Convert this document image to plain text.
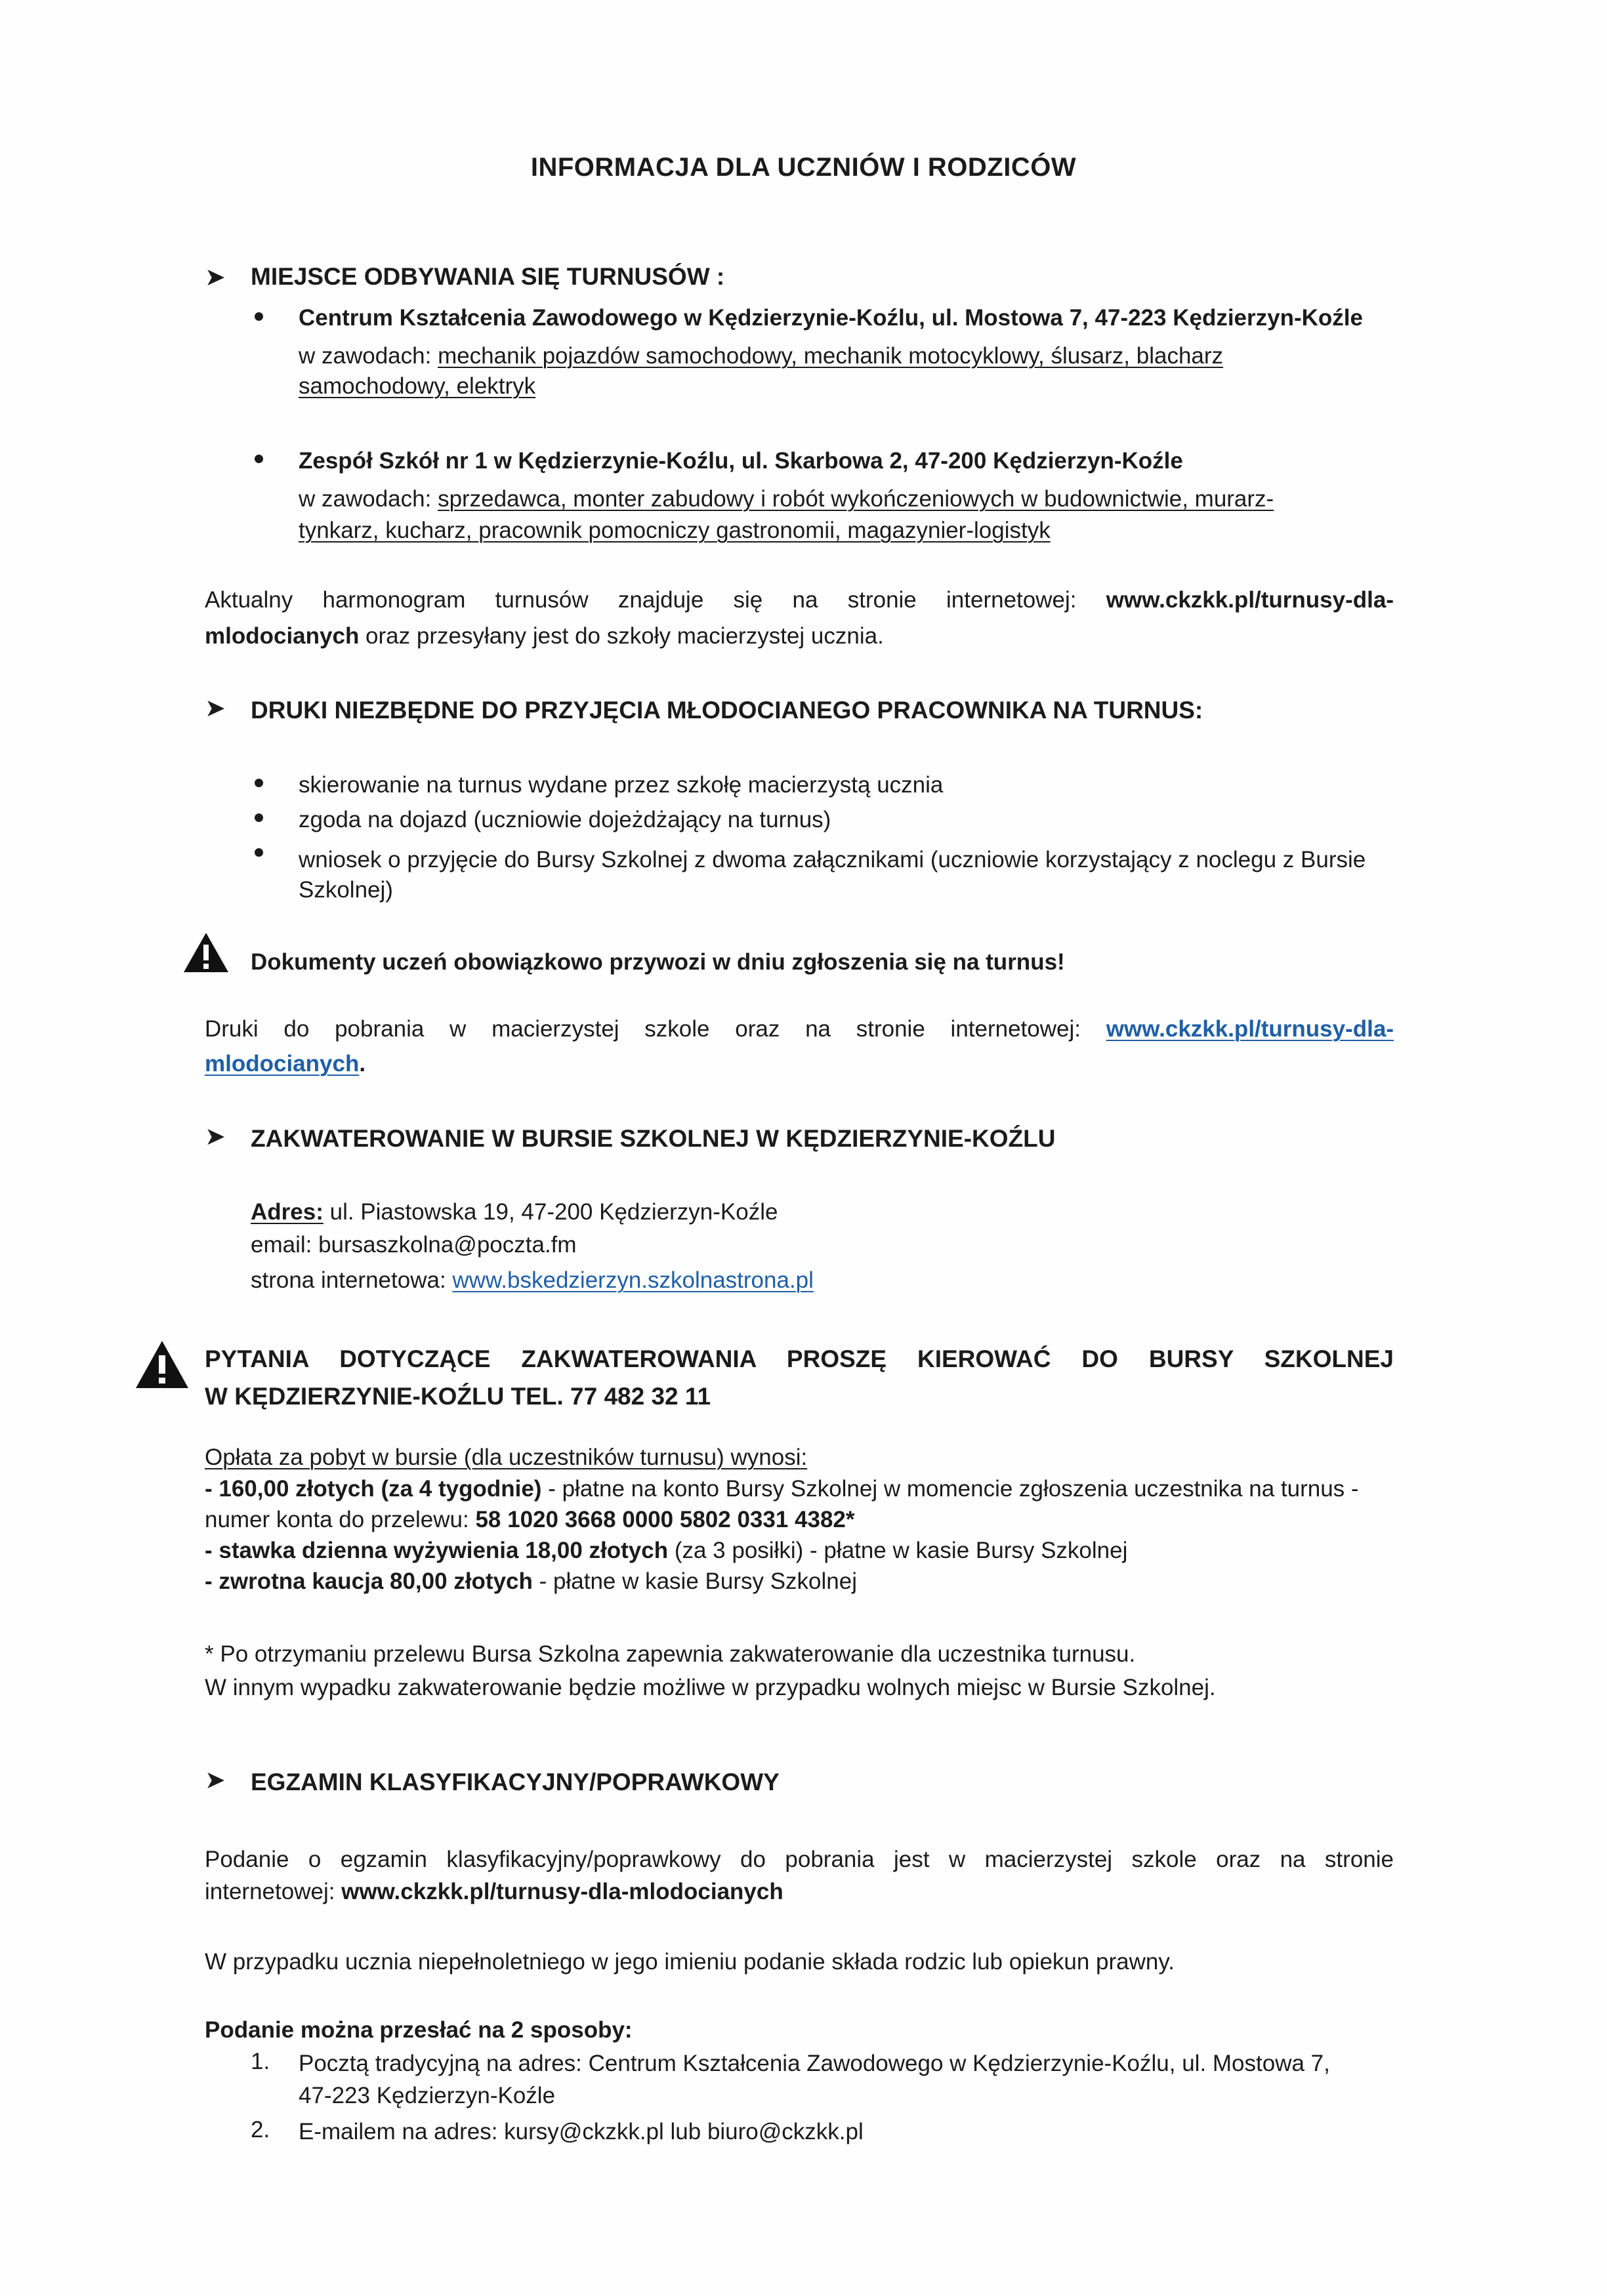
INFORMACJA DLA UCZNIÓW I RODZICÓW
➤ MIEJSCE ODBYWANIA SIĘ TURNUSÓW :
Centrum Kształcenia Zawodowego w Kędzierzynie-Koźlu, ul. Mostowa 7, 47-223 Kędzierzyn-Koźle
w zawodach: mechanik pojazdów samochodowy, mechanik motocyklowy, ślusarz, blacharz
samochodowy, elektryk
Zespół Szkół nr 1 w Kędzierzynie-Koźlu, ul. Skarbowa 2, 47-200 Kędzierzyn-Koźle
w zawodach: sprzedawca, monter zabudowy i robót wykończeniowych w budownictwie, murarz-
tynkarz, kucharz, pracownik pomocniczy gastronomii, magazynier-logistyk
Aktualny harmonogram turnusów znajduje się na stronie internetowej: www.ckzkk.pl/turnusy-dla-
mlodocianych oraz przesyłany jest do szkoły macierzystej ucznia.
➤ DRUKI NIEZBĘDNE DO PRZYJĘCIA MŁODOCIANEGO PRACOWNIKA NA TURNUS:
skierowanie na turnus wydane przez szkołę macierzystą ucznia
zgoda na dojazd (uczniowie dojeżdżający na turnus)
wniosek o przyjęcie do Bursy Szkolnej z dwoma załącznikami (uczniowie korzystający z noclegu z Bursie
Szkolnej)
Dokumenty uczeń obowiązkowo przywozi w dniu zgłoszenia się na turnus!
Druki do pobrania w macierzystej szkole oraz na stronie internetowej: www.ckzkk.pl/turnusy-dla-
mlodocianych.
➤ ZAKWATEROWANIE W BURSIE SZKOLNEJ W KĘDZIERZYNIE-KOŹLU
Adres: ul. Piastowska 19, 47-200 Kędzierzyn-Koźle
email: bursaszkolna@poczta.fm
strona internetowa: www.bskedzierzyn.szkolnastrona.pl
PYTANIA DOTYCZĄCE ZAKWATEROWANIA PROSZĘ KIEROWAĆ DO BURSY SZKOLNEJ
W KĘDZIERZYNIE-KOŹLU TEL. 77 482 32 11
Opłata za pobyt w bursie (dla uczestników turnusu) wynosi:
- 160,00 złotych (za 4 tygodnie) - płatne na konto Bursy Szkolnej w momencie zgłoszenia uczestnika na turnus -
numer konta do przelewu: 58 1020 3668 0000 5802 0331 4382*
- stawka dzienna wyżywienia 18,00 złotych (za 3 posiłki) - płatne w kasie Bursy Szkolnej
- zwrotna kaucja 80,00 złotych - płatne w kasie Bursy Szkolnej
* Po otrzymaniu przelewu Bursa Szkolna zapewnia zakwaterowanie dla uczestnika turnusu.
W innym wypadku zakwaterowanie będzie możliwe w przypadku wolnych miejsc w Bursie Szkolnej.
➤ EGZAMIN KLASYFIKACYJNY/POPRAWKOWY
Podanie o egzamin klasyfikacyjny/poprawkowy do pobrania jest w macierzystej szkole oraz na stronie
internetowej: www.ckzkk.pl/turnusy-dla-mlodocianych
W przypadku ucznia niepełnoletniego w jego imieniu podanie składa rodzic lub opiekun prawny.
Podanie można przesłać na 2 sposoby:
1. Pocztą tradycyjną na adres: Centrum Kształcenia Zawodowego w Kędzierzynie-Koźlu, ul. Mostowa 7,
47-223 Kędzierzyn-Koźle
2. E-mailem na adres: kursy@ckzkk.pl lub biuro@ckzkk.pl
